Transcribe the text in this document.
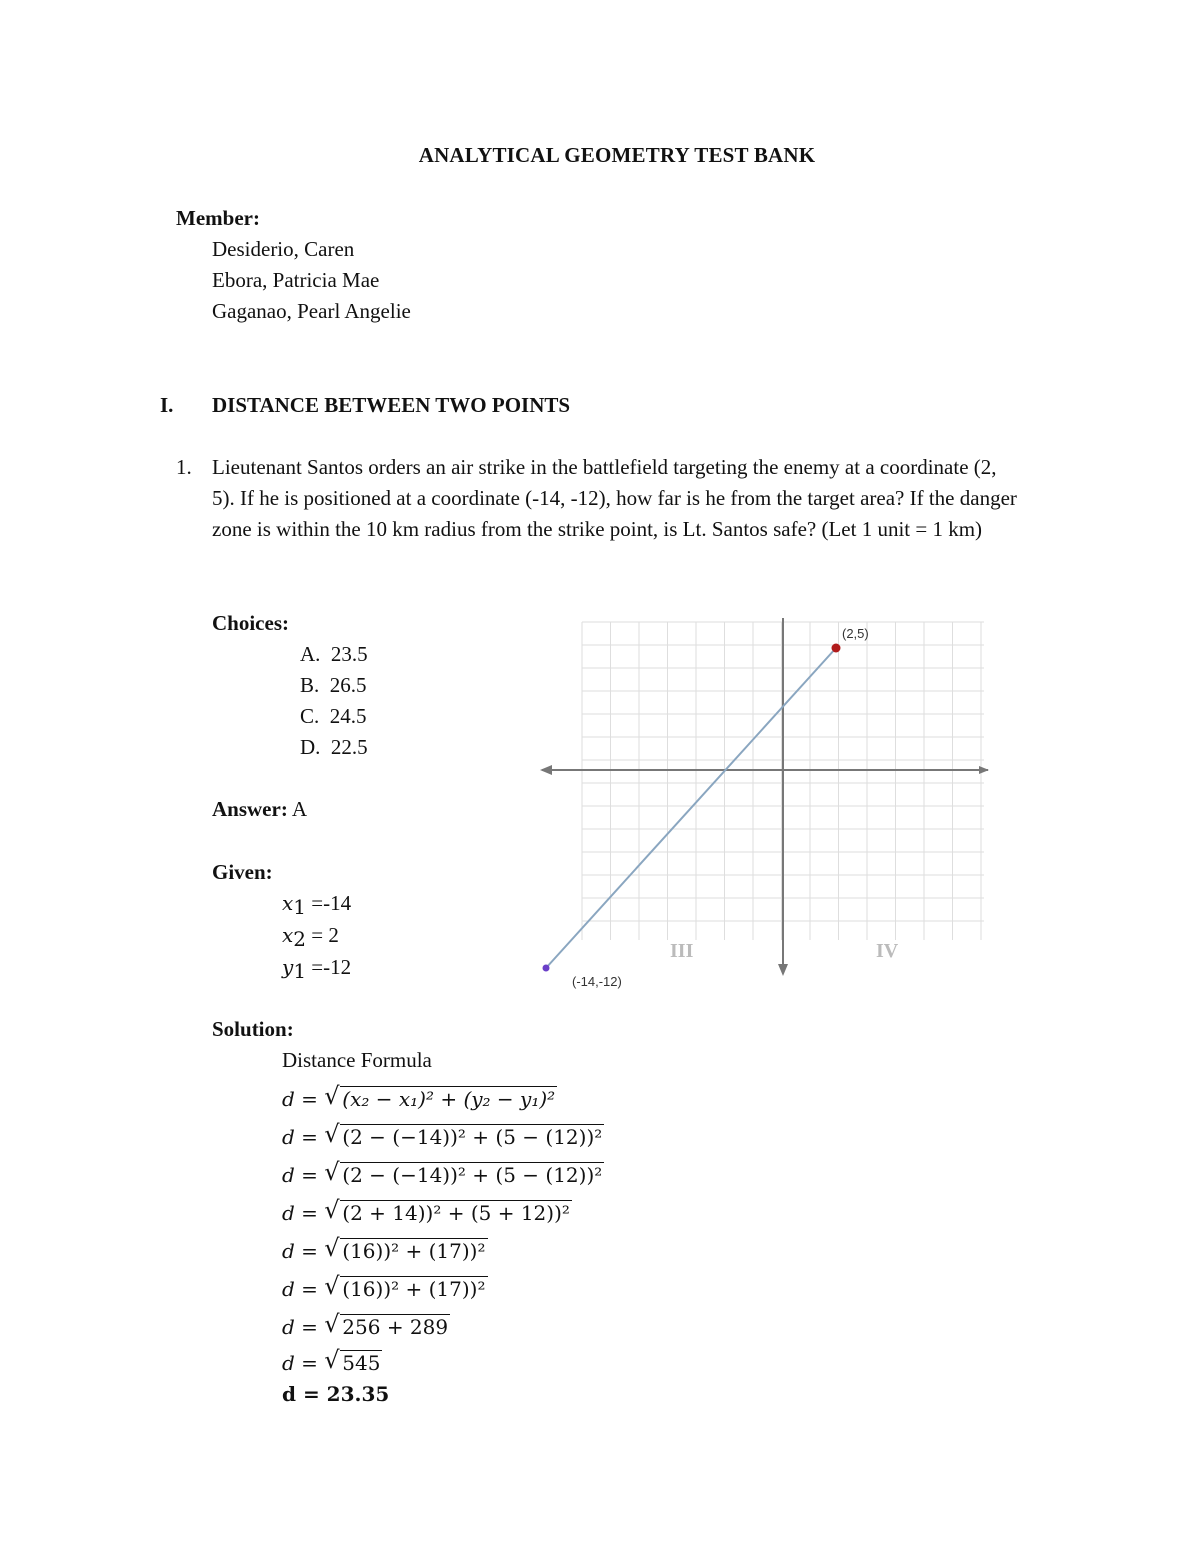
ANALYTICAL GEOMETRY TEST BANK
Member:
Desiderio, Caren
Ebora, Patricia Mae
Gaganao, Pearl Angelie
I. DISTANCE BETWEEN TWO POINTS
1. Lieutenant Santos orders an air strike in the battlefield targeting the enemy at a coordinate (2, 5). If he is positioned at a coordinate (-14, -12), how far is he from the target area? If the danger zone is within the 10 km radius from the strike point, is Lt. Santos safe? (Let 1 unit = 1 km)
Choices:
A. 23.5
B. 26.5
C. 24.5
D. 22.5
Answer: A
Given:
$x_1 =-14$
$x_2 = 2$
$y_1 =-12$
Solution:
Distance Formula
d = √ (x₂ − x₁)² + (y₂ − y₁)²
d = √ (2 − (−14))² + (5 − (12))²
d = √ (2 − (−14))² + (5 − (12))²
d = √ (2 + 14))² + (5 + 12))²
d = √ (16))² + (17))²
d = √ (16))² + (17))²
d = √ 256 + 289
d = √ 545
d = 23.35
(2,5)
(-14,-12)
III	IV
